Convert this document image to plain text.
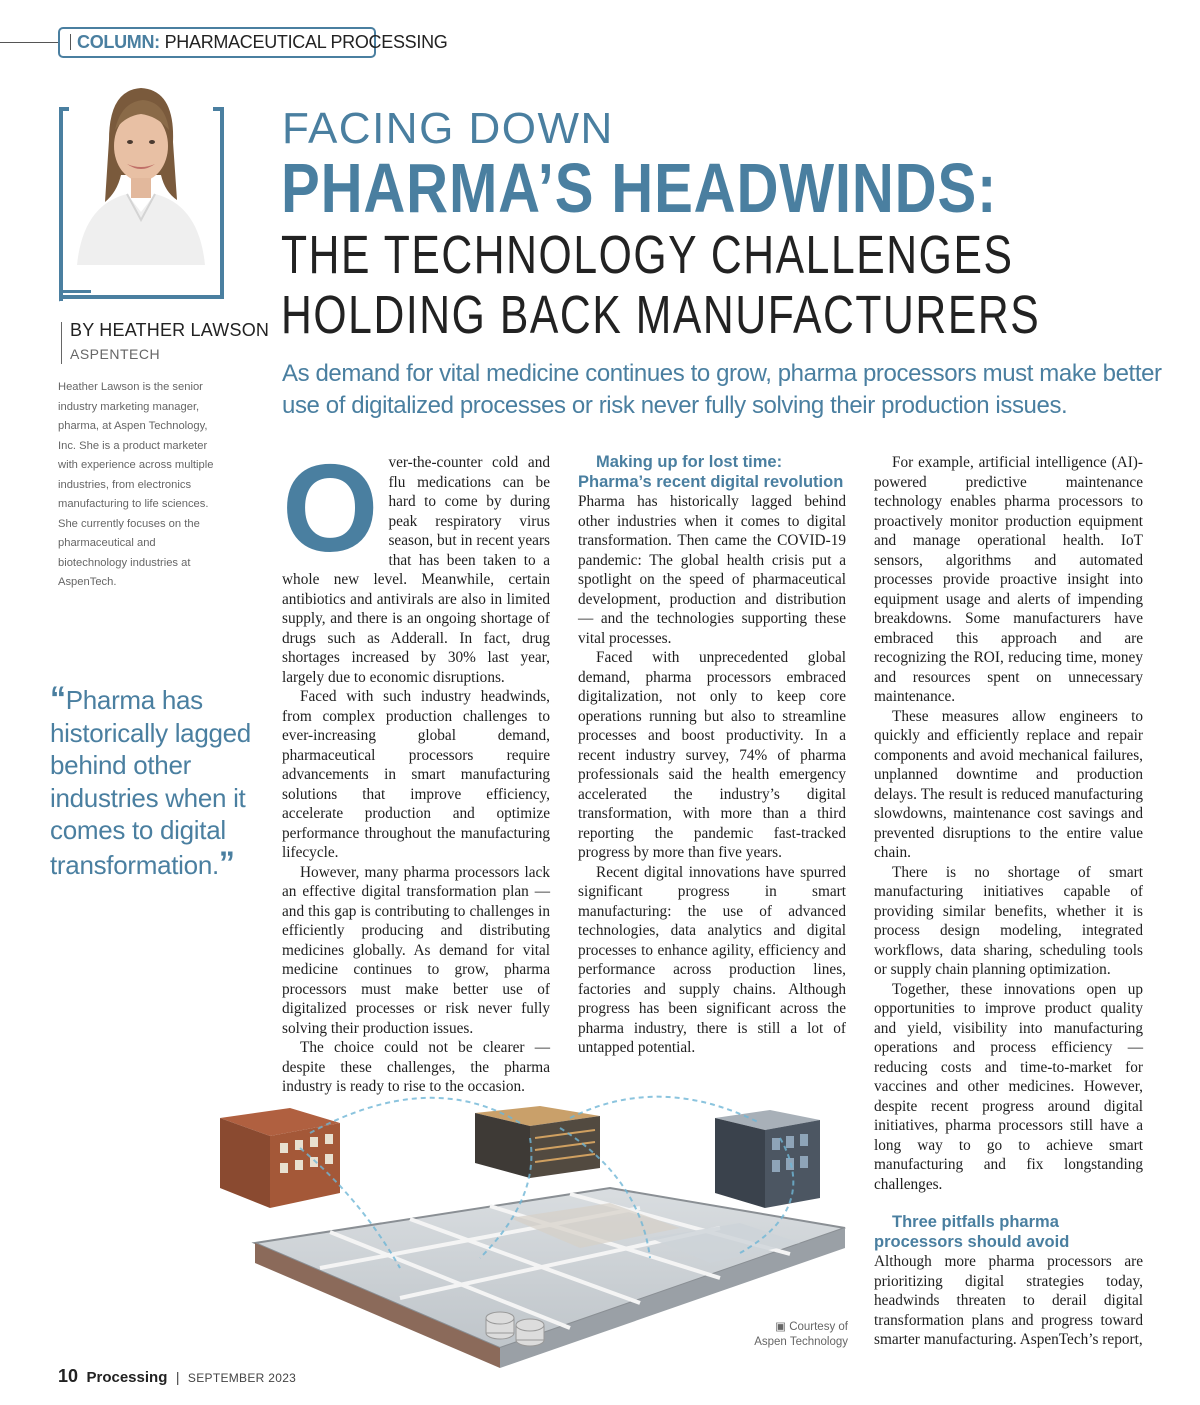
COLUMN: PHARMACEUTICAL PROCESSING
BY HEATHER LAWSON
ASPENTECH
Heather Lawson is the senior industry marketing manager, pharma, at Aspen Technology, Inc. She is a product marketer with experience across multiple industries, from electronics manufacturing to life sciences. She currently focuses on the pharmaceutical and biotechnology industries at AspenTech.
“Pharma has historically lagged behind other industries when it comes to digital transformation.”
FACING DOWN
PHARMA’S HEADWINDS:
THE TECHNOLOGY CHALLENGES
HOLDING BACK MANUFACTURERS
As demand for vital medicine continues to grow, pharma processors must make better use of digitalized processes or risk never fully solving their production issues.

Over-the-counter cold and flu medications can be hard to come by during peak respiratory virus season, but in recent years that has been taken to a whole new level. Meanwhile, certain antibiotics and antivirals are also in limited supply, and there is an ongoing shortage of drugs such as Adderall. In fact, drug shortages increased by 30% last year, largely due to economic disruptions.

Faced with such industry headwinds, from complex production challenges to ever-increasing global demand, pharmaceutical processors require advancements in smart manufacturing solutions that improve efficiency, accelerate production and optimize performance throughout the manufacturing lifecycle.

However, many pharma processors lack an effective digital transformation plan — and this gap is contributing to challenges in efficiently producing and distributing medicines globally. As demand for vital medicine continues to grow, pharma processors must make better use of digitalized processes or risk never fully solving their production issues.

The choice could not be clearer — despite these challenges, the pharma industry is ready to rise to the occasion.

Making up for lost time:
Pharma’s recent digital revolution

Pharma has historically lagged behind other industries when it comes to digital transformation. Then came the COVID-19 pandemic: The global health crisis put a spotlight on the speed of pharmaceutical development, production and distribution — and the technologies supporting these vital processes.

Faced with unprecedented global demand, pharma processors embraced digitalization, not only to keep core operations running but also to streamline processes and boost productivity. In a recent industry survey, 74% of pharma professionals said the health emergency accelerated the industry’s digital transformation, with more than a third reporting the pandemic fast-tracked progress by more than five years.

Recent digital innovations have spurred significant progress in smart manufacturing: the use of advanced technologies, data analytics and digital processes to enhance agility, efficiency and performance across production lines, factories and supply chains. Although progress has been significant across the pharma industry, there is still a lot of untapped potential.

For example, artificial intelligence (AI)-powered predictive maintenance technology enables pharma processors to proactively monitor production equipment and manage operational health. IoT sensors, algorithms and automated processes provide proactive insight into equipment usage and alerts of impending breakdowns. Some manufacturers have embraced this approach and are recognizing the ROI, reducing time, money and resources spent on unnecessary maintenance.

These measures allow engineers to quickly and efficiently replace and repair components and avoid mechanical failures, unplanned downtime and production delays. The result is reduced manufacturing slowdowns, maintenance cost savings and prevented disruptions to the entire value chain.

There is no shortage of smart manufacturing initiatives capable of providing similar benefits, whether it is process design modeling, integrated workflows, data sharing, scheduling tools or supply chain planning optimization.

Together, these innovations open up opportunities to improve product quality and yield, visibility into manufacturing operations and process efficiency — reducing costs and time-to-market for vaccines and other medicines. However, despite recent progress around digital initiatives, pharma processors still have a long way to go to achieve smart manufacturing and fix longstanding challenges.

Three pitfalls pharma
processors should avoid

Although more pharma processors are prioritizing digital strategies today, headwinds threaten to derail digital transformation plans and progress toward smarter manufacturing. AspenTech’s report,

▣ Courtesy of
Aspen Technology
10 Processing | SEPTEMBER 2023
